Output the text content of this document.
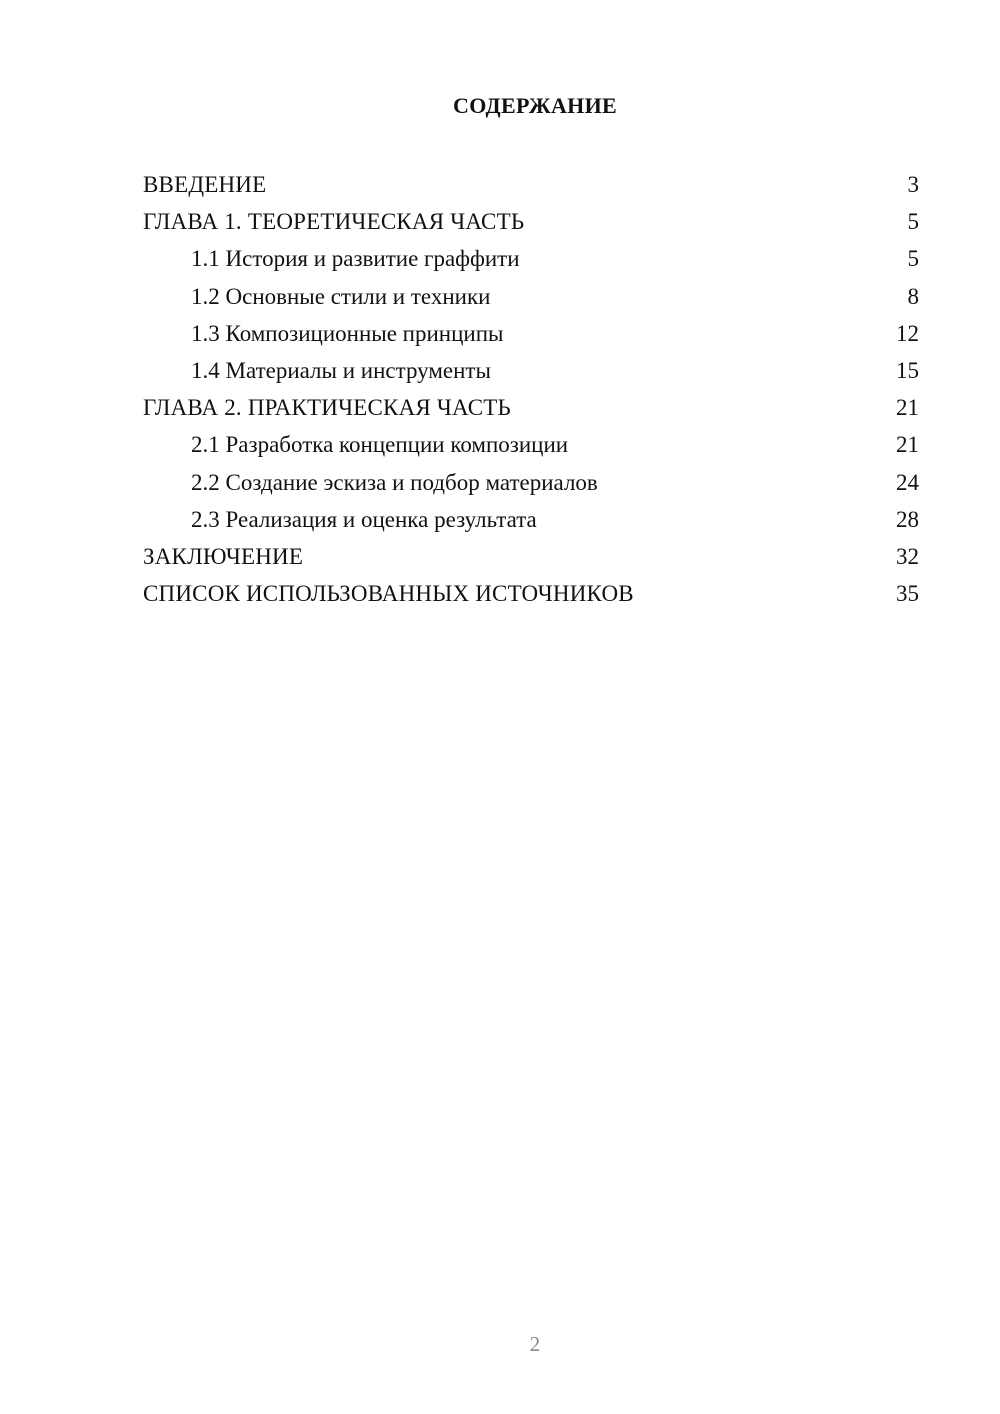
СОДЕРЖАНИЕ
ВВЕДЕНИЕ	3
ГЛАВА 1. ТЕОРЕТИЧЕСКАЯ ЧАСТЬ	5
1.1 История и развитие граффити	5
1.2 Основные стили и техники	8
1.3 Композиционные принципы	12
1.4 Материалы и инструменты	15
ГЛАВА 2. ПРАКТИЧЕСКАЯ ЧАСТЬ	21
2.1 Разработка концепции композиции	21
2.2 Создание эскиза и подбор материалов	24
2.3 Реализация и оценка результата	28
ЗАКЛЮЧЕНИЕ	32
СПИСОК ИСПОЛЬЗОВАННЫХ ИСТОЧНИКОВ	35
2
